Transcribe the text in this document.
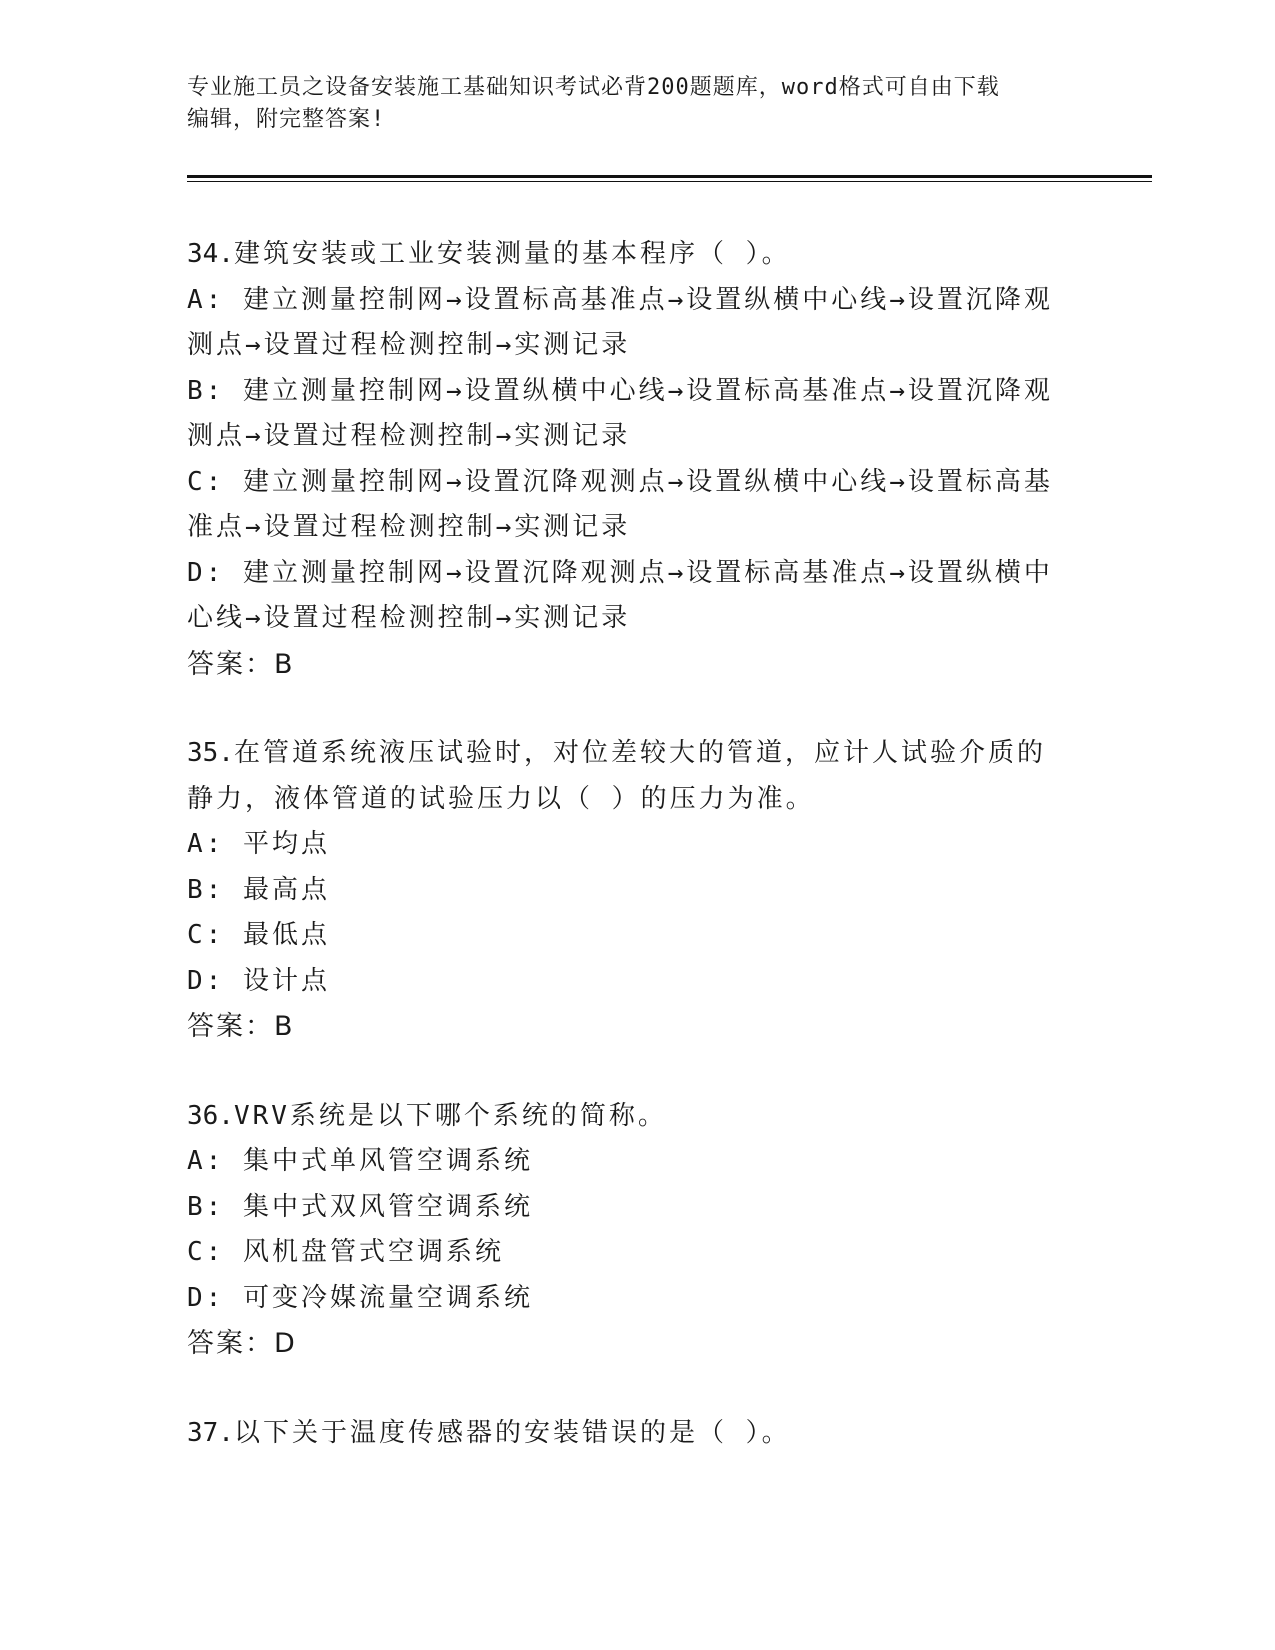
专业施工员之设备安装施工基础知识考试必背200题题库，word格式可自由下载
编辑，附完整答案!

34.建筑安装或工业安装测量的基本程序（ ）。

A: 建立测量控制网→设置标高基准点→设置纵横中心线→设置沉降观测点→设置过程检测控制→实测记录

B: 建立测量控制网→设置纵横中心线→设置标高基准点→设置沉降观测点→设置过程检测控制→实测记录

C: 建立测量控制网→设置沉降观测点→设置纵横中心线→设置标高基准点→设置过程检测控制→实测记录

D: 建立测量控制网→设置沉降观测点→设置标高基准点→设置纵横中心线→设置过程检测控制→实测记录

答案：B

35.在管道系统液压试验时，对位差较大的管道，应计人试验介质的静力，液体管道的试验压力以（ ）的压力为准。

A: 平均点

B: 最高点

C: 最低点

D: 设计点

答案：B

36.VRV系统是以下哪个系统的简称。

A: 集中式单风管空调系统

B: 集中式双风管空调系统

C: 风机盘管式空调系统

D: 可变冷媒流量空调系统

答案：D

37.以下关于温度传感器的安装错误的是（ ）。
